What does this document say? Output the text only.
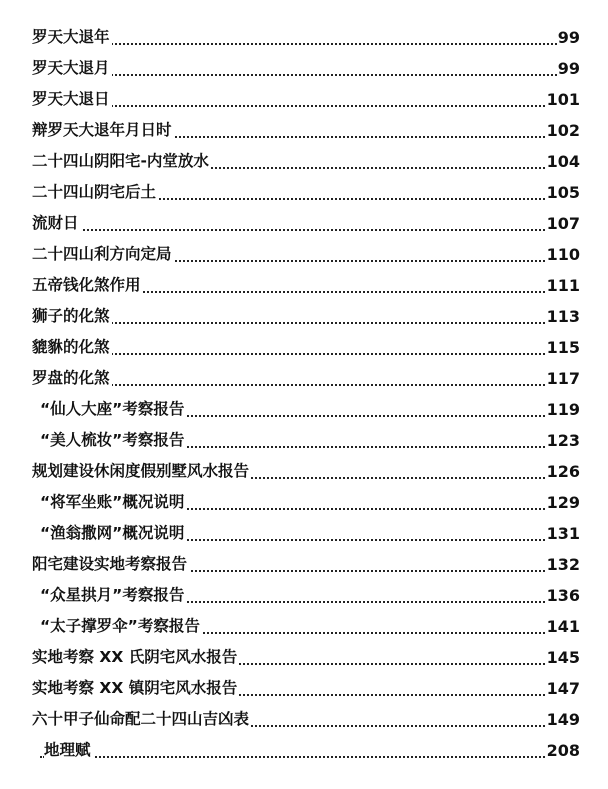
罗天大退年	99
罗天大退月	99
罗天大退日	101
辩罗天大退年月日时	102
二十四山阴阳宅-内堂放水	104
二十四山阴宅后土	105
流财日	107
二十四山利方向定局	110
五帝钱化煞作用	111
狮子的化煞	113
貔貅的化煞	115
罗盘的化煞	117
“仙人大座”考察报告	119
“美人梳妆”考察报告	123
规划建设休闲度假别墅风水报告	126
“将军坐账”概况说明	129
“渔翁撒网”概况说明	131
阳宅建设实地考察报告	132
“众星拱月”考察报告	136
“太子撑罗伞”考察报告	141
实地考察 XX 氏阴宅风水报告	145
实地考察 XX 镇阴宅风水报告	147
六十甲子仙命配二十四山吉凶表	149
地理赋	208
